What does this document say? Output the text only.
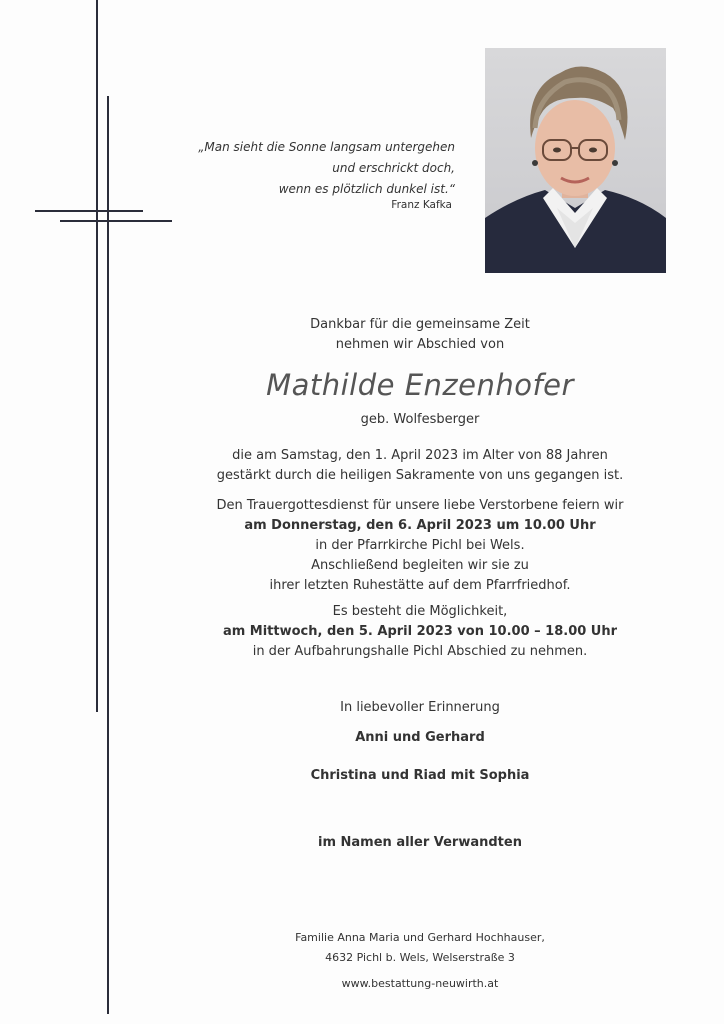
„Man sieht die Sonne langsam untergehen
und erschrickt doch,
wenn es plötzlich dunkel ist.“
Franz Kafka
Dankbar für die gemeinsame Zeit
nehmen wir Abschied von
Mathilde Enzenhofer
geb. Wolfesberger
die am Samstag, den 1. April 2023 im Alter von 88 Jahren
gestärkt durch die heiligen Sakramente von uns gegangen ist.
Den Trauergottesdienst für unsere liebe Verstorbene feiern wir
am Donnerstag, den 6. April 2023 um 10.00 Uhr
in der Pfarrkirche Pichl bei Wels.
Anschließend begleiten wir sie zu
ihrer letzten Ruhestätte auf dem Pfarrfriedhof.
Es besteht die Möglichkeit,
am Mittwoch, den 5. April 2023 von 10.00 – 18.00 Uhr
in der Aufbahrungshalle Pichl Abschied zu nehmen.
In liebevoller Erinnerung
Anni und Gerhard
Christina und Riad mit Sophia
im Namen aller Verwandten
Familie Anna Maria und Gerhard Hochhauser,
4632 Pichl b. Wels, Welserstraße 3
www.bestattung-neuwirth.at
